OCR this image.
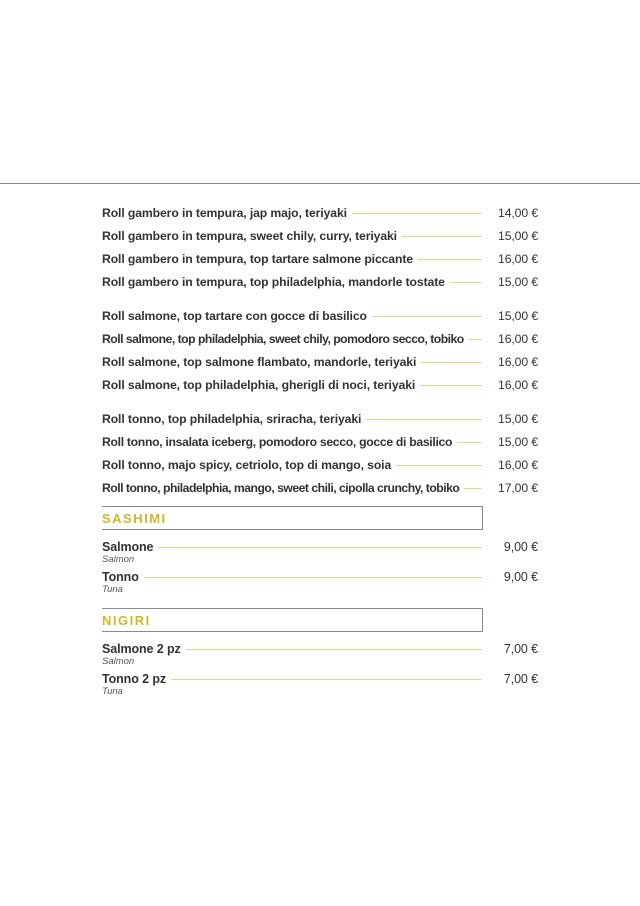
Roll gambero in tempura, jap majo, teriyaki	14,00 €
Roll gambero in tempura, sweet chily, curry, teriyaki	15,00 €
Roll gambero in tempura, top tartare salmone piccante	16,00 €
Roll gambero in tempura, top philadelphia, mandorle tostate	15,00 €
Roll salmone, top tartare con gocce di basilico	15,00 €
Roll salmone, top philadelphia, sweet chily, pomodoro secco, tobiko	16,00 €
Roll salmone, top salmone flambato, mandorle, teriyaki	16,00 €
Roll salmone, top philadelphia, gherigli di noci, teriyaki	16,00 €
Roll tonno, top philadelphia, sriracha, teriyaki	15,00 €
Roll tonno, insalata iceberg, pomodoro secco, gocce di basilico	15,00 €
Roll tonno, majo spicy, cetriolo, top di mango, soia	16,00 €
Roll tonno, philadelphia, mango, sweet chili, cipolla crunchy, tobiko	17,00 €
SASHIMI
Salmone	9,00 €
Salmon
Tonno	9,00 €
Tuna
NIGIRI
Salmone 2 pz	7,00 €
Salmon
Tonno 2 pz	7,00 €
Tuna
